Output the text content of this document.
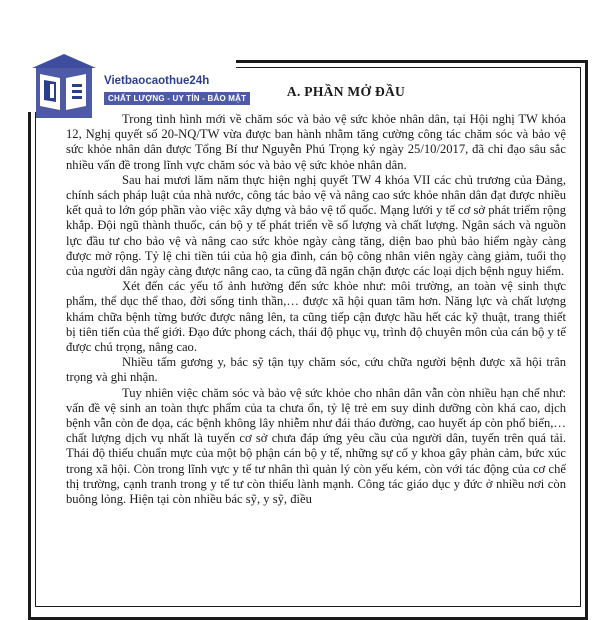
Vietbaocaothue24h
CHẤT LƯỢNG - UY TÍN - BẢO MẬT	A. PHẦN MỞ ĐẦU

Trong tình hình mới về chăm sóc và bảo vệ sức khỏe nhân dân, tại Hội nghị TW khóa 12, Nghị quyết số 20-NQ/TW vừa được ban hành nhằm tăng cường công tác chăm sóc và bảo vệ sức khỏe nhân dân được Tổng Bí thư Nguyễn Phú Trọng ký ngày 25/10/2017, đã chỉ đạo sâu sắc nhiều vấn đề trong lĩnh vực chăm sóc và bảo vệ sức khỏe nhân dân.

Sau hai mươi lăm năm thực hiện nghị quyết TW 4 khóa VII các chủ trương của Đảng, chính sách pháp luật của nhà nước, công tác bảo vệ và nâng cao sức khỏe nhân dân đạt được nhiều kết quả to lớn góp phần vào việc xây dựng và bảo vệ tổ quốc. Mạng lưới y tế cơ sở phát triểm rộng khắp. Đội ngũ thành thuốc, cán bộ y tế phát triển về số lượng và chất lượng. Ngân sách và nguồn lực đầu tư cho bảo vệ và nâng cao sức khỏe ngày càng tăng, diện bao phủ bảo hiểm ngày càng được mở rộng. Tỷ lệ chi tiền túi của hộ gia đình, cán bộ công nhân viên ngày càng giảm, tuổi thọ của người dân ngày càng được nâng cao, ta cũng đã ngăn chặn được các loại dịch bệnh nguy hiểm.

Xét đến các yếu tố ảnh hưởng đến sức khỏe như: môi trường, an toàn vệ sinh thực phẩm, thể dục thể thao, đời sống tinh thần,… được xã hội quan tâm hơn. Năng lực và chất lượng khám chữa bệnh từng bước được nâng lên, ta cũng tiếp cận được hầu hết các kỹ thuật, trang thiết bị tiên tiến của thế giới. Đạo đức phong cách, thái độ phục vụ, trình độ chuyên môn của cán bộ y tế được chú trọng, nâng cao.

Nhiều tấm gương y, bác sỹ tận tụy chăm sóc, cứu chữa người bệnh được xã hội trân trọng và ghi nhận.

Tuy nhiên việc chăm sóc và bảo vệ sức khỏe cho nhân dân vẫn còn nhiều hạn chế như: vấn đề vệ sinh an toàn thực phẩm của ta chưa ổn, tỷ lệ trẻ em suy dinh dưỡng còn khá cao, dịch bệnh vẫn còn đe dọa, các bệnh không lây nhiễm như đái tháo đường, cao huyết áp còn phổ biến,… chất lượng dịch vụ nhất là tuyến cơ sở chưa đáp ứng yêu cầu của người dân, tuyến trên quá tải. Thái độ thiếu chuẩn mực của một bộ phận cán bộ y tế, những sự cố y khoa gây phản cảm, bức xúc trong xã hội. Còn trong lĩnh vực y tế tư nhân thì quản lý còn yếu kém, còn với tác động của cơ chế thị trường, cạnh tranh trong y tế tư còn thiếu lành mạnh. Công tác giáo dục y đức ở nhiều nơi còn buông lỏng. Hiện tại còn nhiều bác sỹ, y sỹ, điều
